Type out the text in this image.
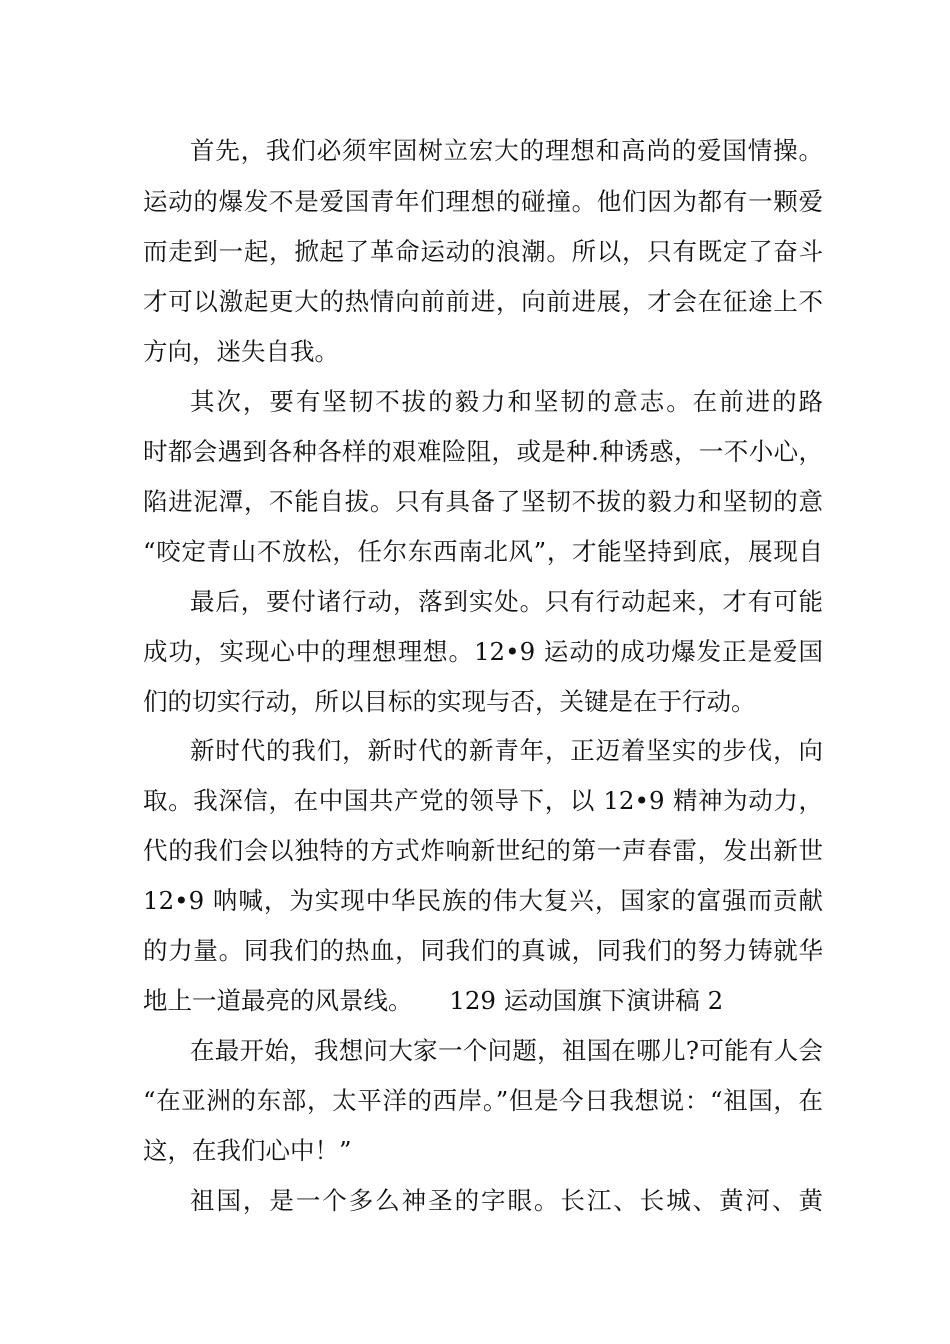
首先，我们必须牢固树立宏大的理想和高尚的爱国情操。
运动的爆发不是爱国青年们理想的碰撞。他们因为都有一颗爱
而走到一起，掀起了革命运动的浪潮。所以，只有既定了奋斗
才可以激起更大的热情向前前进，向前进展，才会在征途上不
方向，迷失自我。
其次，要有坚韧不拔的毅力和坚韧的意志。在前进的路
时都会遇到各种各样的艰难险阻，或是种.种诱惑，一不小心，
陷进泥潭，不能自拔。只有具备了坚韧不拔的毅力和坚韧的意
“咬定青山不放松，任尔东西南北风”，才能坚持到底，展现自
最后，要付诸行动，落到实处。只有行动起来，才有可能
成功，实现心中的理想理想。12•9 运动的成功爆发正是爱国
们的切实行动，所以目标的实现与否，关键是在于行动。
新时代的我们，新时代的新青年，正迈着坚实的步伐，向
取。我深信，在中国共产党的领导下，以 12•9 精神为动力，
代的我们会以独特的方式炸响新世纪的第一声春雷，发出新世
12•9 呐喊，为实现中华民族的伟大复兴，国家的富强而贡献
的力量。同我们的热血，同我们的真诚，同我们的努力铸就华
地上一道最亮的风景线。　　129 运动国旗下演讲稿 2
在最开始，我想问大家一个问题，祖国在哪儿?可能有人会
“在亚洲的东部，太平洋的西岸。”但是今日我想说：“祖国，在
这，在我们心中！”
祖国，是一个多么神圣的字眼。长江、长城、黄河、黄
